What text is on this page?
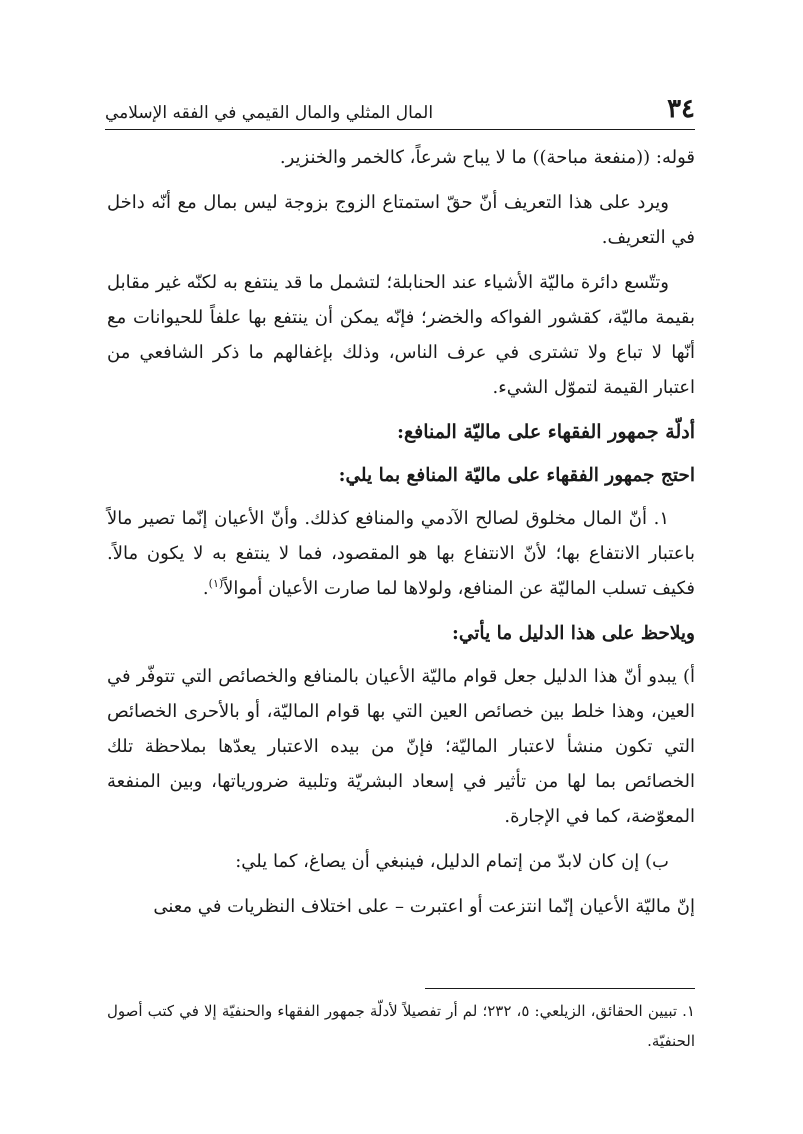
٣٤
المال المثلي والمال القيمي في الفقه الإسلامي

قوله: ((منفعة مباحة)) ما لا يباح شرعاً، كالخمر والخنزير.

ويرد على هذا التعريف أنّ حقّ استمتاع الزوج بزوجة ليس بمال مع أنّه داخل في التعريف.

وتتّسع دائرة ماليّة الأشياء عند الحنابلة؛ لتشمل ما قد ينتفع به لكنّه غير مقابل بقيمة ماليّة، كقشور الفواكه والخضر؛ فإنّه يمكن أن ينتفع بها علفاً للحيوانات مع أنّها لا تباع ولا تشترى في عرف الناس، وذلك بإغفالهم ما ذكر الشافعي من اعتبار القيمة لتموّل الشيء.

أدلّة جمهور الفقهاء على ماليّة المنافع:
احتج جمهور الفقهاء على ماليّة المنافع بما يلي:

١. أنّ المال مخلوق لصالح الآدمي والمنافع كذلك. وأنّ الأعيان إنّما تصير مالاً باعتبار الانتفاع بها؛ لأنّ الانتفاع بها هو المقصود، فما لا ينتفع به لا يكون مالاً. فكيف تسلب الماليّة عن المنافع، ولولاها لما صارت الأعيان أموالاً$^{(١)}$.

ويلاحظ على هذا الدليل ما يأتي:

أ) يبدو أنّ هذا الدليل جعل قوام ماليّة الأعيان بالمنافع والخصائص التي تتوفّر في العين، وهذا خلط بين خصائص العين التي بها قوام الماليّة، أو بالأحرى الخصائص التي تكون منشأ لاعتبار الماليّة؛ فإنّ من بيده الاعتبار يعدّها بملاحظة تلك الخصائص بما لها من تأثير في إسعاد البشريّة وتلبية ضرورياتها، وبين المنفعة المعوّضة، كما في الإجارة.

ب) إن كان لابدّ من إتمام الدليل، فينبغي أن يصاغ، كما يلي:

إنّ ماليّة الأعيان إنّما انتزعت أو اعتبرت – على اختلاف النظريات في معنى

١. تبيين الحقائق، الزيلعي: ٥، ٢٣٢؛ لم أر تفصيلاً لأدلّة جمهور الفقهاء والحنفيّة إلا في كتب أصول الحنفيّة.
